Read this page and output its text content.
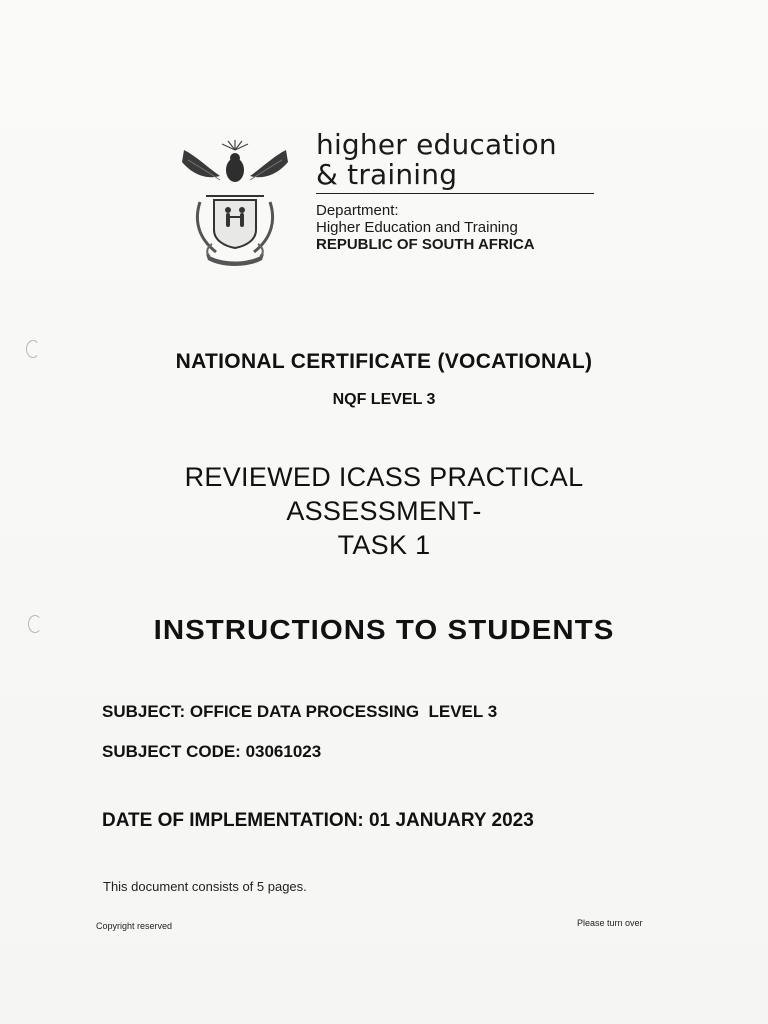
higher education
& training
Department:
Higher Education and Training
REPUBLIC OF SOUTH AFRICA
NATIONAL CERTIFICATE (VOCATIONAL)
NQF LEVEL 3
REVIEWED ICASS PRACTICAL
ASSESSMENT-
TASK 1
INSTRUCTIONS TO STUDENTS
SUBJECT: OFFICE DATA PROCESSING  LEVEL 3
SUBJECT CODE: 03061023
DATE OF IMPLEMENTATION: 01 JANUARY 2023
This document consists of 5 pages.
Copyright reserved	Please turn over
